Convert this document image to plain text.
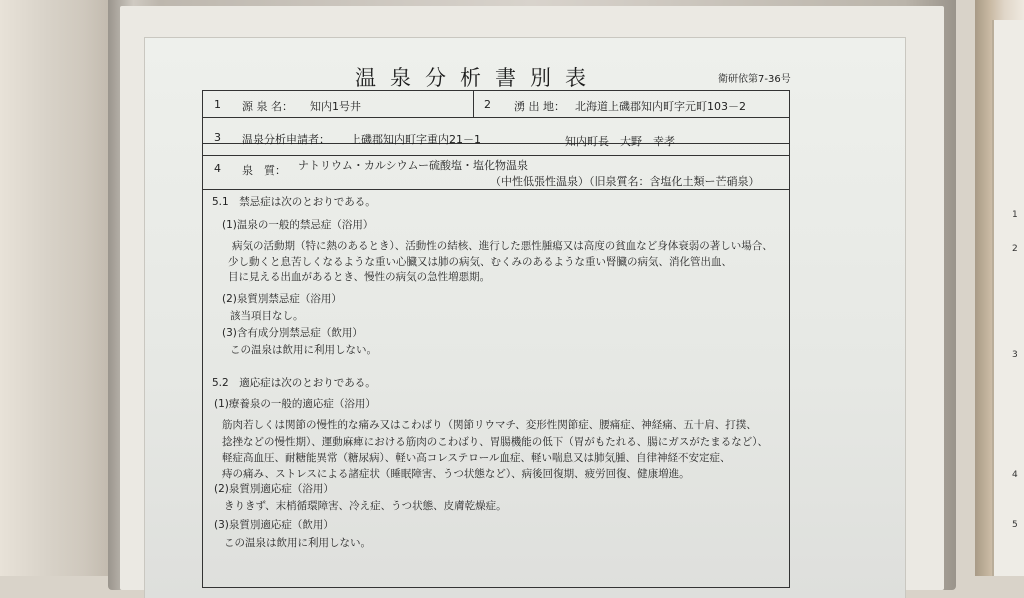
1
2
3
4
5
温泉分析書別表	衛研依第7-36号
1 源 泉 名： 知内1号井	2 湧 出 地： 北海道上磯郡知内町字元町103－2
3 温泉分析申請者： 上磯郡知内町字重内21－1	知内町長　大野　幸孝
4 泉　質： ナトリウム・カルシウムー硫酸塩・塩化物温泉
（中性低張性温泉）（旧泉質名：含塩化土類ー芒硝泉）
5.1　禁忌症は次のとおりである。
(1)温泉の一般的禁忌症（浴用）
病気の活動期（特に熱のあるとき）、活動性の結核、進行した悪性腫瘍又は高度の貧血など身体衰弱の著しい場合、
少し動くと息苦しくなるような重い心臓又は肺の病気、むくみのあるような重い腎臓の病気、消化管出血、
目に見える出血があるとき、慢性の病気の急性増悪期。
(2)泉質別禁忌症（浴用）
該当項目なし。
(3)含有成分別禁忌症（飲用）
この温泉は飲用に利用しない。
5.2　適応症は次のとおりである。
(1)療養泉の一般的適応症（浴用）
筋肉若しくは関節の慢性的な痛み又はこわばり（関節リウマチ、変形性関節症、腰痛症、神経痛、五十肩、打撲、
捻挫などの慢性期）、運動麻痺における筋肉のこわばり、胃腸機能の低下（胃がもたれる、腸にガスがたまるなど）、
軽症高血圧、耐糖能異常（糖尿病）、軽い高コレステロール血症、軽い喘息又は肺気腫、自律神経不安定症、
痔の痛み、ストレスによる諸症状（睡眠障害、うつ状態など）、病後回復期、疲労回復、健康増進。
(2)泉質別適応症（浴用）
きりきず、末梢循環障害、冷え症、うつ状態、皮膚乾燥症。
(3)泉質別適応症（飲用）
この温泉は飲用に利用しない。
